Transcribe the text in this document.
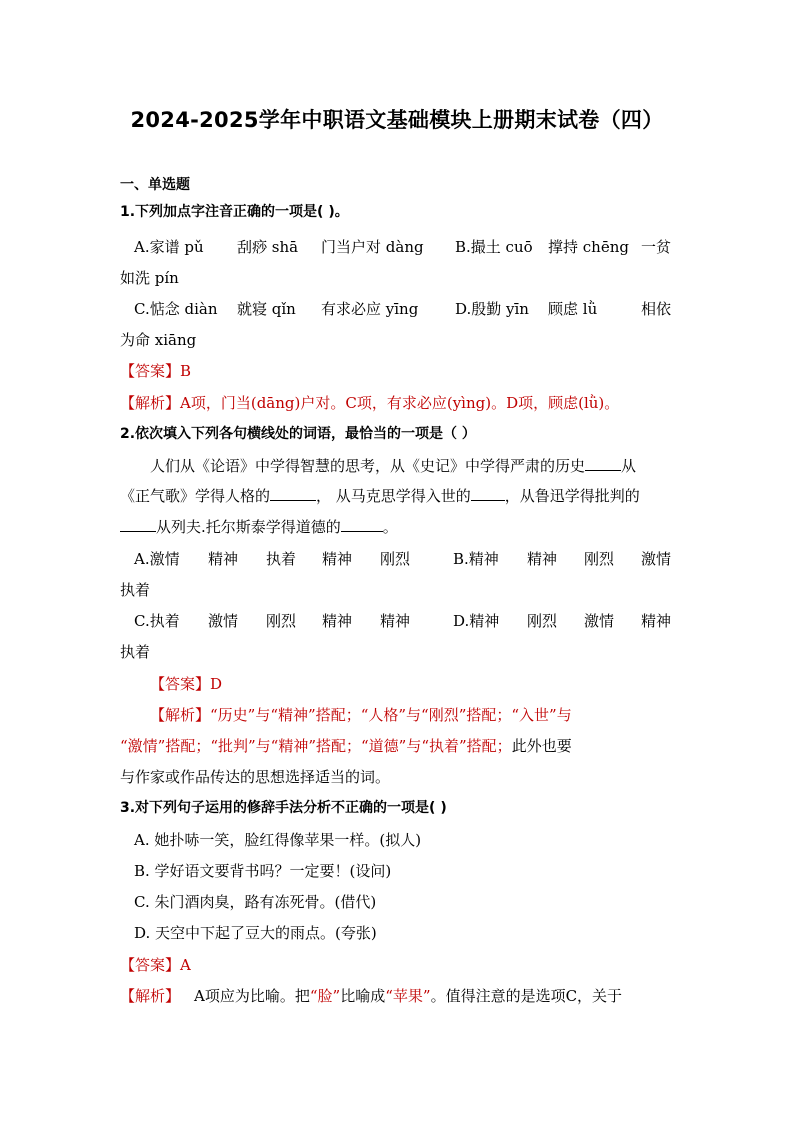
2024-2025学年中职语文基础模块上册期末试卷（四）
一、单选题
1.下列加点字注音正确的一项是( )。
A.家谱 pǔ 刮痧 shā 门当户对 dàng B.撮土 cuō 撑持 chēng 一贫
如洗 pín
C.惦念 diàn 就寝 qǐn 有求必应 yīng D.殷勤 yīn 顾虑 lǜ	相依
为命 xiāng
【答案】B
【解析】A项，门当(dāng)户对。C项，有求必应(yìng)。D项，顾虑(lǜ)。
2.依次填入下列各句横线处的词语，最恰当的一项是（ ）
人们从《论语》中学得智慧的思考，从《史记》中学得严肃的历史 从
《正气歌》学得人格的	， 从马克思学得入世的 ，从鲁迅学得批判的
从列夫.托尔斯泰学得道德的	。
A.激情 精神 执着 精神 刚烈	B.精神 精神 刚烈 激情
执着
C.执着 激情 刚烈 精神 精神	D.精神 刚烈 激情 精神
执着
【答案】D
【解析】“历史”与“精神”搭配；“人格”与“刚烈”搭配；“入世”与
“激情”搭配；“批判”与“精神”搭配；“道德”与“执着”搭配；此外也要
与作家或作品传达的思想选择适当的词。
3.对下列句子运用的修辞手法分析不正确的一项是( )
A. 她扑哧一笑，脸红得像苹果一样。(拟人)
B. 学好语文要背书吗？一定要！(设问)
C. 朱门酒肉臭，路有冻死骨。(借代)
D. 天空中下起了豆大的雨点。(夸张)
【答案】A
【解析】 A项应为比喻。把“脸”比喻成“苹果”。值得注意的是选项C，关于
